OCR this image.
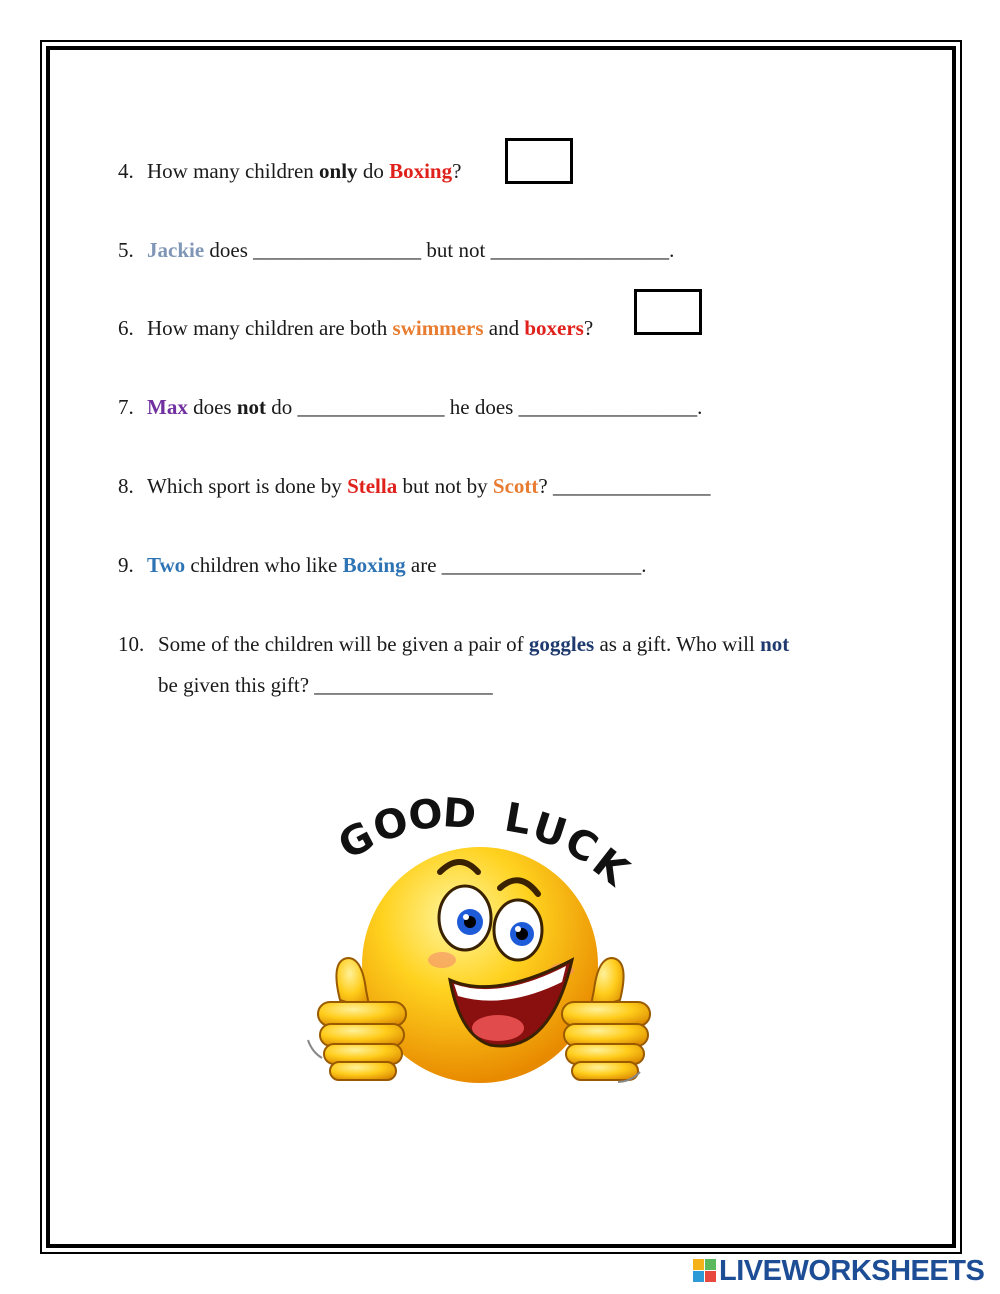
4. How many children only do Boxing?
5. Jackie does ________________ but not _________________.
6. How many children are both swimmers and boxers?
7. Max does not do ______________ he does _________________.
8. Which sport is done by Stella but not by Scott? _______________
9. Two children who like Boxing are ___________________.
10. Some of the children will be given a pair of goggles as a gift. Who will not
be given this gift? _________________
G
O
O
D L
U
C
K
LIVEWORKSHEETS
